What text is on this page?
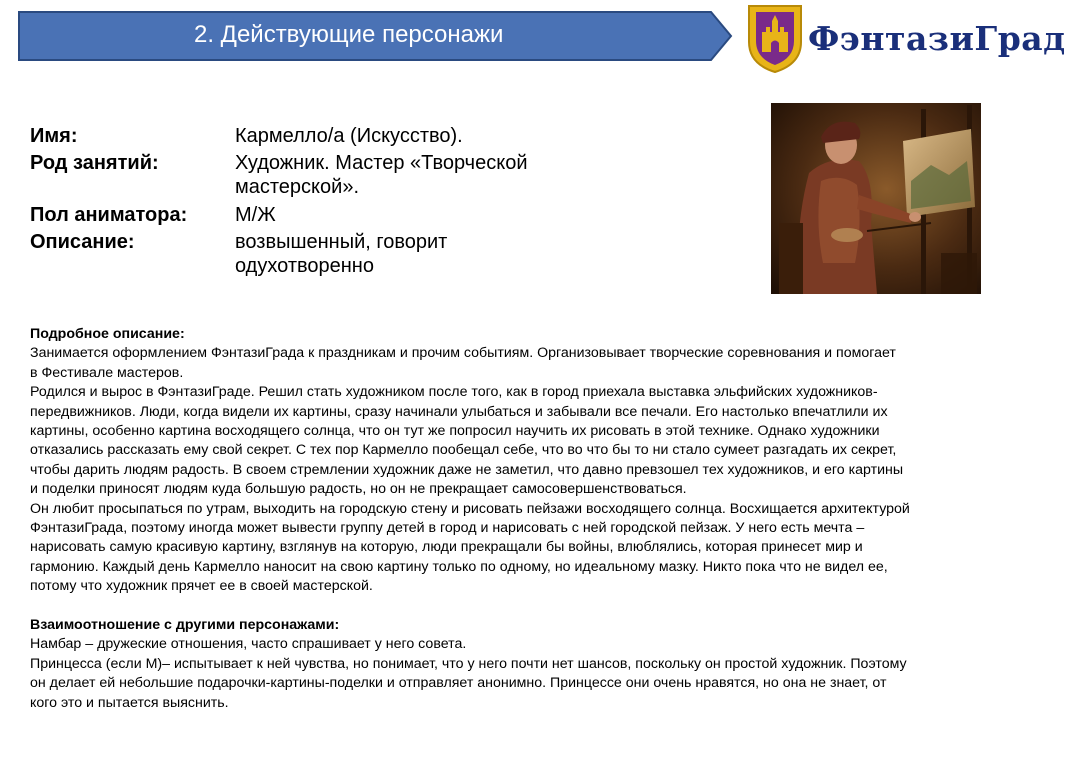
2. Действующие персонажи	ФэнтазиГрад
Имя:	Кармелло/а (Искусство).
Род занятий:	Художник. Мастер «Творческой
мастерской».
Пол аниматора: М/Ж
Описание:	возвышенный, говорит
одухотворенно

Подробное описание:

Занимается оформлением ФэнтазиГрада к праздникам и прочим событиям. Организовывает творческие соревнования и помогает

в Фестивале мастеров.

Родился и вырос в ФэнтазиГраде. Решил стать художником после того, как в город приехала выставка эльфийских художников-

передвижников. Люди, когда видели их картины, сразу начинали улыбаться и забывали все печали. Его настолько впечатлили их

картины, особенно картина восходящего солнца, что он тут же попросил научить их рисовать в этой технике. Однако художники

отказались рассказать ему свой секрет. С тех пор Кармелло пообещал себе, что во что бы то ни стало сумеет разгадать их секрет,

чтобы дарить людям радость. В своем стремлении художник даже не заметил, что давно превзошел тех художников, и его картины

и поделки приносят людям куда большую радость, но он не прекращает самосовершенствоваться.

Он любит просыпаться по утрам, выходить на городскую стену и рисовать пейзажи восходящего солнца. Восхищается архитектурой

ФэнтазиГрада, поэтому иногда может вывести группу детей в город и нарисовать с ней городской пейзаж. У него есть мечта –

нарисовать самую красивую картину, взглянув на которую, люди прекращали бы войны, влюблялись, которая принесет мир и

гармонию. Каждый день Кармелло наносит на свою картину только по одному, но идеальному мазку. Никто пока что не видел ее,

потому что художник прячет ее в своей мастерской.

Взаимоотношение с другими персонажами:

Намбар – дружеские отношения, часто спрашивает у него совета.

Принцесса (если М)– испытывает к ней чувства, но понимает, что у него почти нет шансов, поскольку он простой художник. Поэтому

он делает ей небольшие подарочки-картины-поделки и отправляет анонимно. Принцессе они очень нравятся, но она не знает, от

кого это и пытается выяснить.
